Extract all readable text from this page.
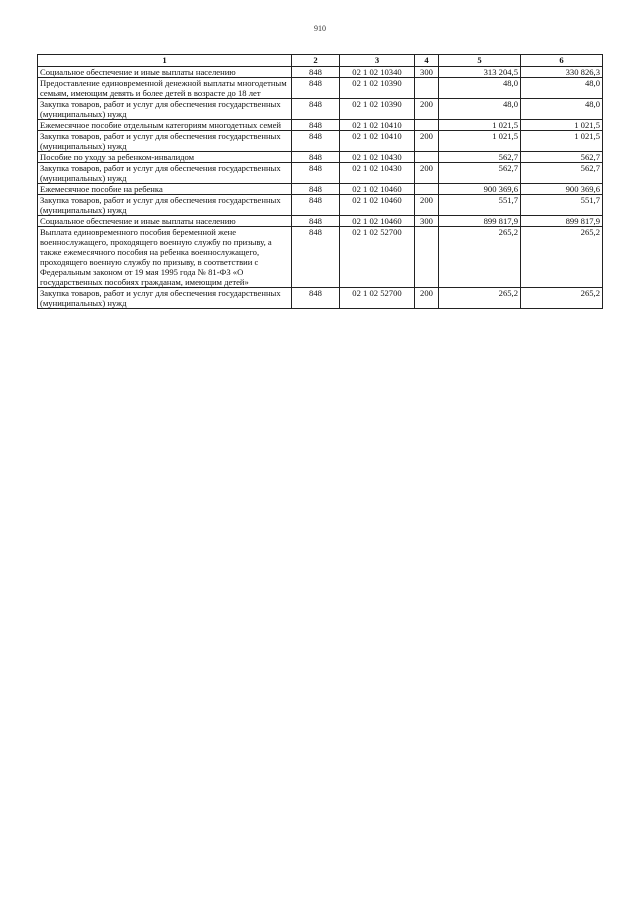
910
1	2	3	4	5	6
Социальное обеспечение и иные выплаты населению	848	02 1 02 10340	300	313 204,5	330 826,3
Предоставление единовременной денежной выплаты многодетным семьям, имеющим девять и более детей в возрасте до 18 лет	848	02 1 02 10390		48,0	48,0
Закупка товаров, работ и услуг для обеспечения государственных (муниципальных) нужд	848	02 1 02 10390	200	48,0	48,0
Ежемесячное пособие отдельным категориям многодетных семей	848	02 1 02 10410		1 021,5	1 021,5
Закупка товаров, работ и услуг для обеспечения государственных (муниципальных) нужд	848	02 1 02 10410	200	1 021,5	1 021,5
Пособие по уходу за ребенком-инвалидом	848	02 1 02 10430		562,7	562,7
Закупка товаров, работ и услуг для обеспечения государственных (муниципальных) нужд	848	02 1 02 10430	200	562,7	562,7
Ежемесячное пособие на ребенка	848	02 1 02 10460		900 369,6	900 369,6
Закупка товаров, работ и услуг для обеспечения государственных (муниципальных) нужд	848	02 1 02 10460	200	551,7	551,7
Социальное обеспечение и иные выплаты населению	848	02 1 02 10460	300	899 817,9	899 817,9
Выплата единовременного пособия беременной жене военнослужащего, проходящего военную службу по призыву, а также ежемесячного пособия на ребенка военнослужащего, проходящего военную службу по призыву, в соответствии с Федеральным законом от 19 мая 1995 года № 81-ФЗ «О государственных пособиях гражданам, имеющим детей»	848	02 1 02 52700		265,2	265,2
Закупка товаров, работ и услуг для обеспечения государственных (муниципальных) нужд	848	02 1 02 52700	200	265,2	265,2
